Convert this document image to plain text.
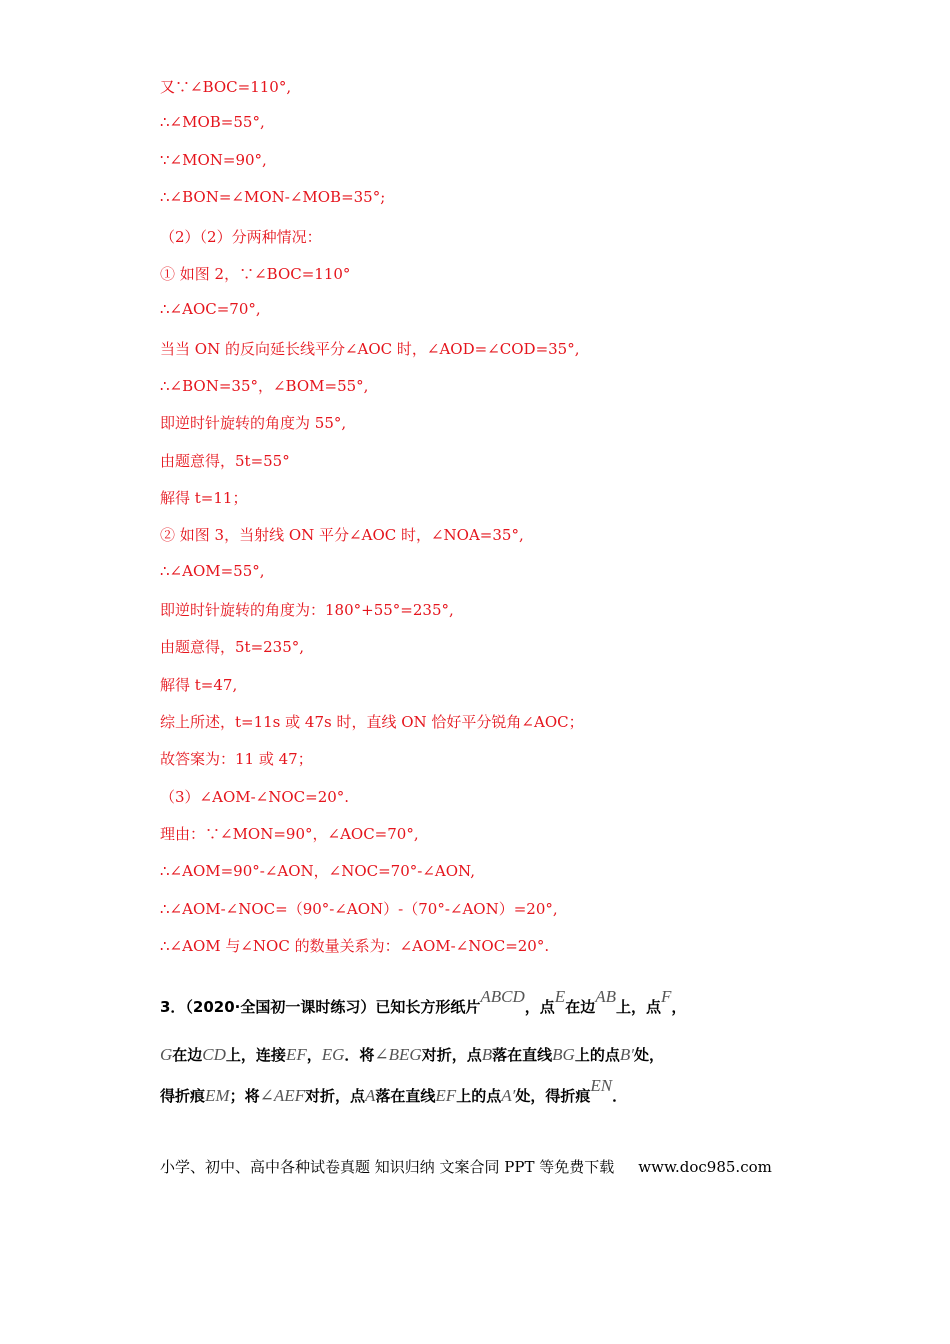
又∵∠BOC=110°,
∴∠MOB=55°,
∵∠MON=90°,
∴∠BON=∠MON-∠MOB=35°;
（2）（2）分两种情况：
① 如图 2，∵∠BOC=110°
∴∠AOC=70°,
当当 ON 的反向延长线平分∠AOC 时，∠AOD=∠COD=35°,
∴∠BON=35°，∠BOM=55°,
即逆时针旋转的角度为 55°,
由题意得，5t=55°
解得 t=11；
② 如图 3，当射线 ON 平分∠AOC 时，∠NOA=35°,
∴∠AOM=55°,
即逆时针旋转的角度为：180°+55°=235°,
由题意得，5t=235°,
解得 t=47,
综上所述，t=11s 或 47s 时，直线 ON 恰好平分锐角∠AOC；
故答案为：11 或 47；
（3）∠AOM-∠NOC=20°.
理由：∵∠MON=90°，∠AOC=70°,
∴∠AOM=90°-∠AON，∠NOC=70°-∠AON,
∴∠AOM-∠NOC=（90°-∠AON）-（70°-∠AON）=20°,
∴∠AOM 与∠NOC 的数量关系为：∠AOM-∠NOC=20°.
3．（2020·全国初一课时练习）已知长方形纸片ABCD，点E在边AB上，点F，
G在边CD上，连接EF，EG．将∠BEG对折，点B落在直线BG上的点B′处，
得折痕EM；将∠AEF对折，点A落在直线EF上的点A′处，得折痕EN．
小学、初中、高中各种试卷真题 知识归纳 文案合同 PPT 等免费下载 www.doc985.com
